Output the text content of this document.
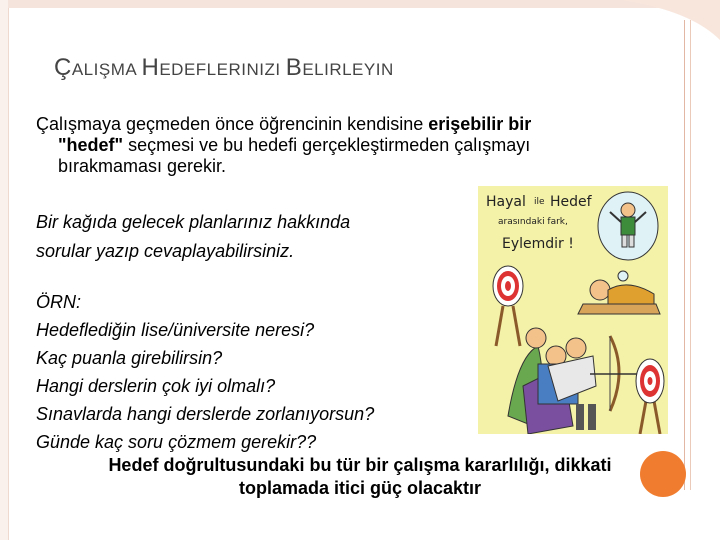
ÇALIŞMA HEDEFLERINIZI BELIRLEYIN
Çalışmaya geçmeden önce öğrencinin kendisine erişebilir bir
"hedef" seçmesi ve bu hedefi gerçekleştirmeden çalışmayı
bırakmaması gerekir.
Bir kağıda gelecek planlarınız hakkında
sorular yazıp cevaplayabilirsiniz.
ÖRN:
Hedeflediğin lise/üniversite neresi?
Kaç puanla girebilirsin?
Hangi derslerin çok iyi olmalı?
Sınavlarda hangi derslerde zorlanıyorsun?
Günde kaç soru çözmem gerekir??
Hedef doğrultusundaki bu tür bir çalışma kararlılığı, dikkati
toplamada itici güç olacaktır
Hayal ile Hedef
arasındaki fark,
Eylemdir !
